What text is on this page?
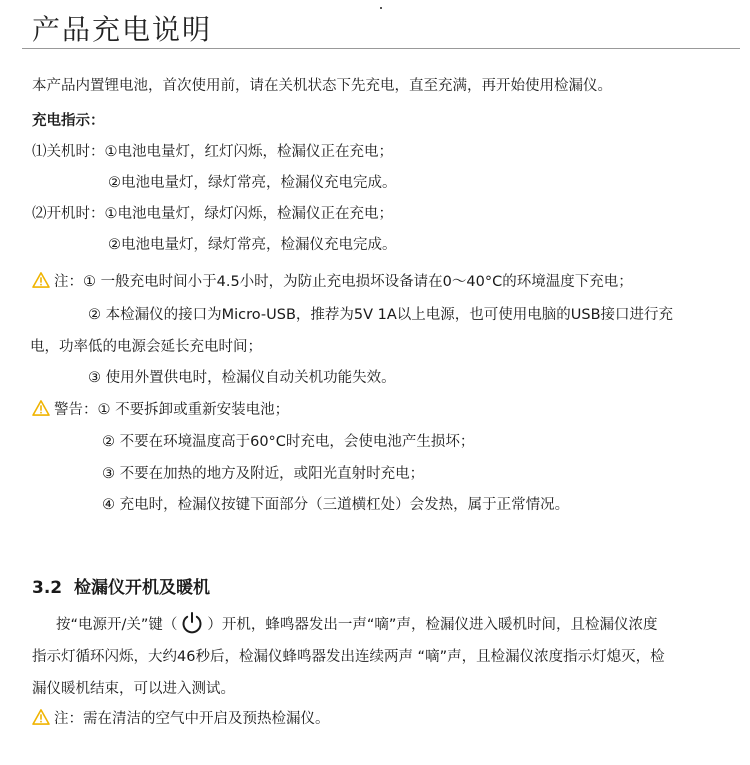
产品充电说明
本产品内置锂电池，首次使用前，请在关机状态下先充电，直至充满，再开始使用检漏仪。
充电指示：
⑴关机时：①电池电量灯，红灯闪烁，检漏仪正在充电；
②电池电量灯，绿灯常亮，检漏仪充电完成。
⑵开机时：①电池电量灯，绿灯闪烁，检漏仪正在充电；
②电池电量灯，绿灯常亮，检漏仪充电完成。
注：① 一般充电时间小于4.5小时，为防止充电损坏设备请在0～40°C的环境温度下充电；
② 本检漏仪的接口为Micro-USB，推荐为5V 1A以上电源，也可使用电脑的USB接口进行充
电，功率低的电源会延长充电时间；
③ 使用外置供电时，检漏仪自动关机功能失效。
警告：① 不要拆卸或重新安装电池；
② 不要在环境温度高于60°C时充电，会使电池产生损坏；
③ 不要在加热的地方及附近，或阳光直射时充电；
④ 充电时，检漏仪按键下面部分（三道横杠处）会发热，属于正常情况。
3.2  检漏仪开机及暖机
按“电源开/关”键（ ）开机，蜂鸣器发出一声“嘀”声，检漏仪进入暖机时间，且检漏仪浓度
指示灯循环闪烁，大约46秒后，检漏仪蜂鸣器发出连续两声 “嘀”声，且检漏仪浓度指示灯熄灭，检
漏仪暖机结束，可以进入测试。
注：需在清洁的空气中开启及预热检漏仪。
